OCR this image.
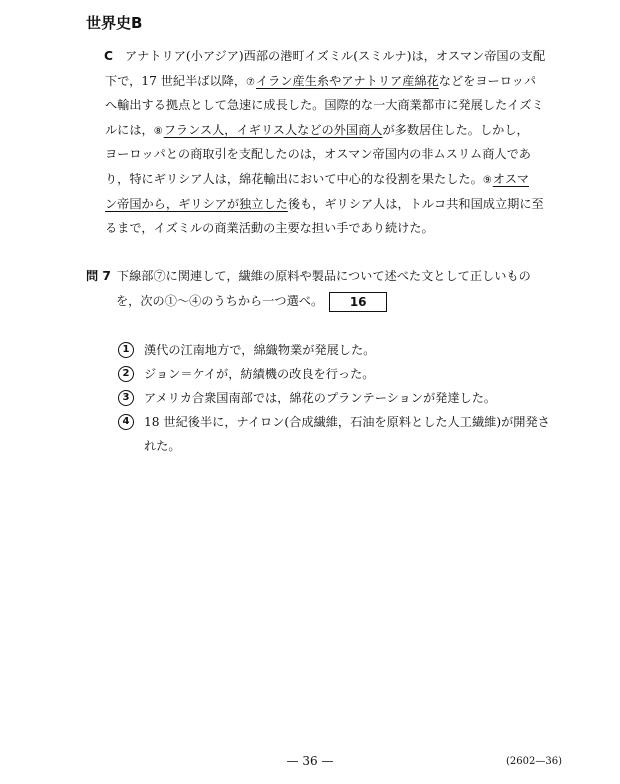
世界史B
C アナトリア(小アジア)西部の港町イズミル(スミルナ)は，オスマン帝国の支配
下で，17 世紀半ば以降，⑦イラン産生糸やアナトリア産綿花などをヨーロッパ
へ輸出する拠点として急速に成長した。国際的な一大商業都市に発展したイズミ
ルには，⑧フランス人，イギリス人などの外国商人が多数居住した。しかし，
ヨーロッパとの商取引を支配したのは，オスマン帝国内の非ムスリム商人であ
り，特にギリシア人は，綿花輸出において中心的な役割を果たした。⑨オスマ
ン帝国から，ギリシアが独立した後も，ギリシア人は，トルコ共和国成立期に至
るまで，イズミルの商業活動の主要な担い手であり続けた。
問 7 下線部⑦に関連して，繊維の原料や製品について述べた文として正しいもの
を，次の①～④のうちから一つ選べ。 16
1	漢代の江南地方で，綿織物業が発展した。
2	ジョン＝ケイが，紡績機の改良を行った。
3	アメリカ合衆国南部では，綿花のプランテーションが発達した。
4	18 世紀後半に，ナイロン(合成繊維，石油を原料とした人工繊維)が開発された。
— 36 —	(2602—36)
